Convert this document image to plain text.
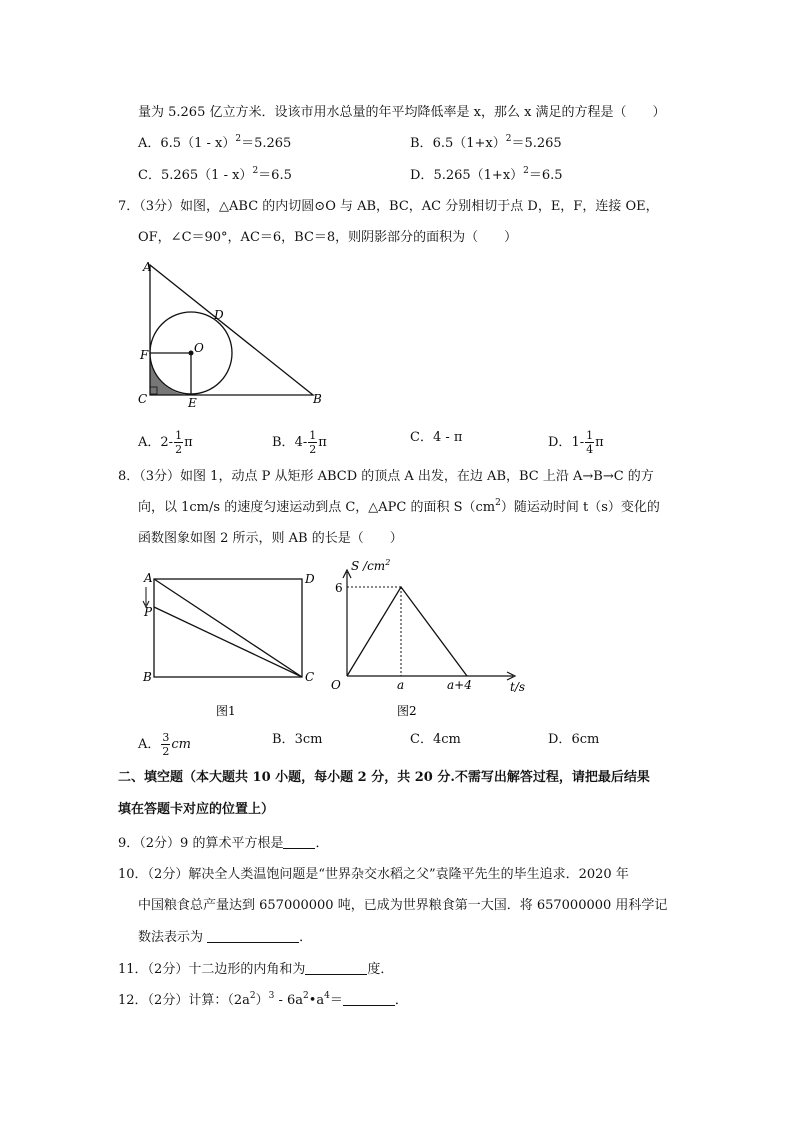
量为 5.265 亿立方米．设该市用水总量的年平均降低率是 x，那么 x 满足的方程是（　　）
A．6.5（1 - x）$^2$＝5.265	B．$6.5(1+x)^2=5.265$
C．5.265（1 - x）$^2$＝6.5	D．$5.265(1+x)^2=6.5$
7．（3分）如图，△ABC 的内切圆⊙O 与 AB，BC，AC 分别相切于点 D，E，F，连接 OE，
OF，∠C＝90°，AC＝6，BC＝8，则阴影部分的面积为（　　）
A
B
C
D
E
F	O
A．$2- \frac{1}{2}$ π	B．$4- \frac{1}{2}$ π	C．4 - π	D．$1- \frac{1}{4}$ π
8．（3分）如图 1，动点 P 从矩形 ABCD 的顶点 A 出发，在边 AB，BC 上沿 A→B→C 的方
向，以 1cm/s 的速度匀速运动到点 C，△APC 的面积 $S(cm^2)$随运动时间 t（s）变化的
函数图象如图 2 所示，则 AB 的长是（　　）
A
B	C
D
P
图1
S $/cm^2$
6
O	a	a+4	t/s
图2
A． $\frac{3}{2}$ cm	B．3cm	C．4cm	D．6cm
二、填空题（本大题共 10 小题，每小题 2 分，共 20 分.不需写出解答过程，请把最后结果
填在答题卡对应的位置上）
9．（2分）9 的算术平方根是 ．
10．（2分）解决全人类温饱问题是“世界杂交水稻之父”袁隆平先生的毕生追求．2020 年
中国粮食总产量达到 657000000 吨，已成为世界粮食第一大国．将 657000000 用科学记
数法表示为	．
11．（2分）十二边形的内角和为	度．
12．（2分）计算：$(2a^2)^3$ - $6a^2•a^4=$	．
